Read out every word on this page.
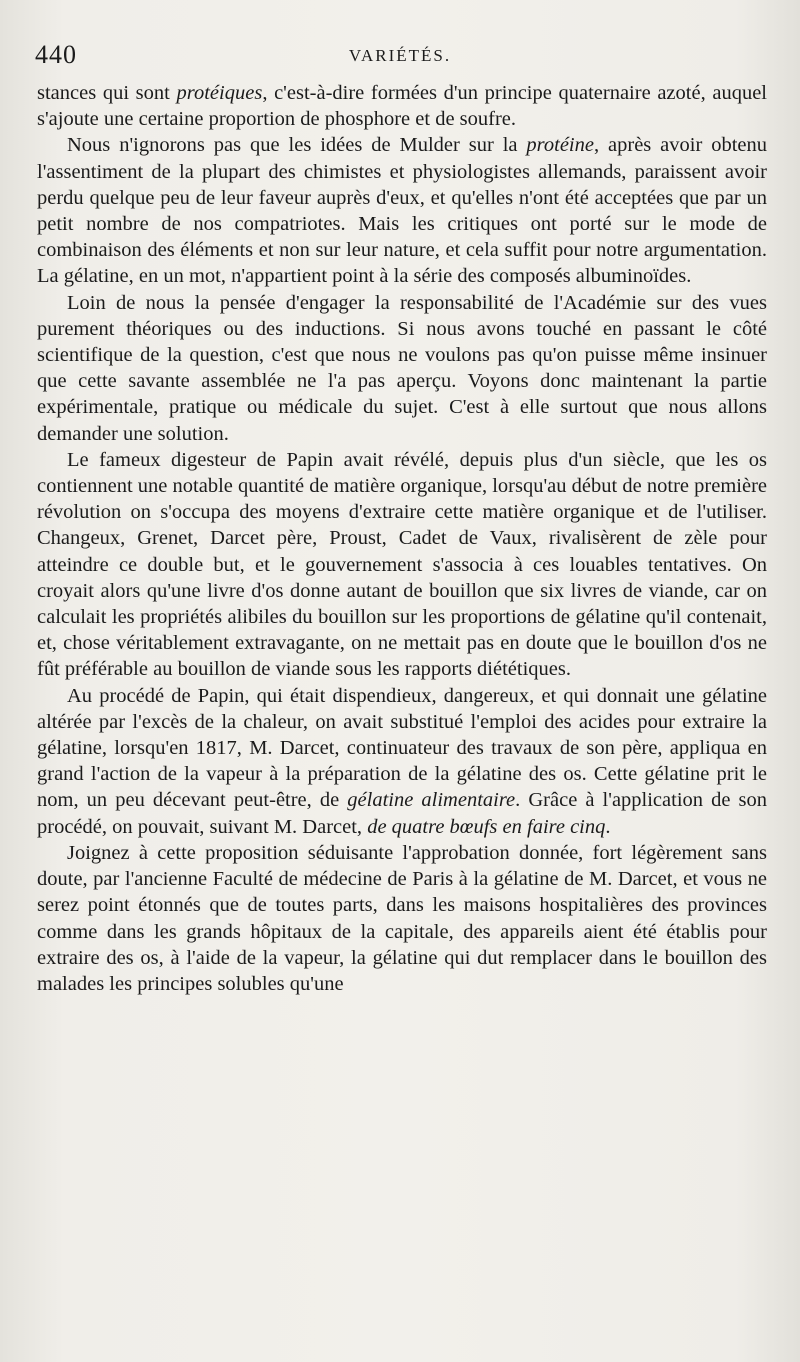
440	VARIÉTÉS.

stances qui sont protéiques, c'est-à-dire formées d'un principe quaternaire azoté, auquel s'ajoute une certaine proportion de phosphore et de soufre.

Nous n'ignorons pas que les idées de Mulder sur la protéine, après avoir obtenu l'assentiment de la plupart des chimistes et physiologistes allemands, paraissent avoir perdu quelque peu de leur faveur auprès d'eux, et qu'elles n'ont été acceptées que par un petit nombre de nos compatriotes. Mais les critiques ont porté sur le mode de combinaison des éléments et non sur leur nature, et cela suffit pour notre argumentation. La gélatine, en un mot, n'appartient point à la série des composés albuminoïdes.

Loin de nous la pensée d'engager la responsabilité de l'Académie sur des vues purement théoriques ou des inductions. Si nous avons touché en passant le côté scientifique de la question, c'est que nous ne voulons pas qu'on puisse même insinuer que cette savante assemblée ne l'a pas aperçu. Voyons donc maintenant la partie expérimentale, pratique ou médicale du sujet. C'est à elle surtout que nous allons demander une solution.

Le fameux digesteur de Papin avait révélé, depuis plus d'un siècle, que les os contiennent une notable quantité de matière organique, lorsqu'au début de notre première révolution on s'occupa des moyens d'extraire cette matière organique et de l'utiliser. Changeux, Grenet, Darcet père, Proust, Cadet de Vaux, rivalisèrent de zèle pour atteindre ce double but, et le gouvernement s'associa à ces louables tentatives. On croyait alors qu'une livre d'os donne autant de bouillon que six livres de viande, car on calculait les propriétés alibiles du bouillon sur les proportions de gélatine qu'il contenait, et, chose véritablement extravagante, on ne mettait pas en doute que le bouillon d'os ne fût préférable au bouillon de viande sous les rapports diététiques.

Au procédé de Papin, qui était dispendieux, dangereux, et qui donnait une gélatine altérée par l'excès de la chaleur, on avait substitué l'emploi des acides pour extraire la gélatine, lorsqu'en 1817, M. Darcet, continuateur des travaux de son père, appliqua en grand l'action de la vapeur à la préparation de la gélatine des os. Cette gélatine prit le nom, un peu décevant peut-être, de gélatine alimentaire. Grâce à l'application de son procédé, on pouvait, suivant M. Darcet, de quatre bœufs en faire cinq.

Joignez à cette proposition séduisante l'approbation donnée, fort légèrement sans doute, par l'ancienne Faculté de médecine de Paris à la gélatine de M. Darcet, et vous ne serez point étonnés que de toutes parts, dans les maisons hospitalières des provinces comme dans les grands hôpitaux de la capitale, des appareils aient été établis pour extraire des os, à l'aide de la vapeur, la gélatine qui dut remplacer dans le bouillon des malades les principes solubles qu'une
